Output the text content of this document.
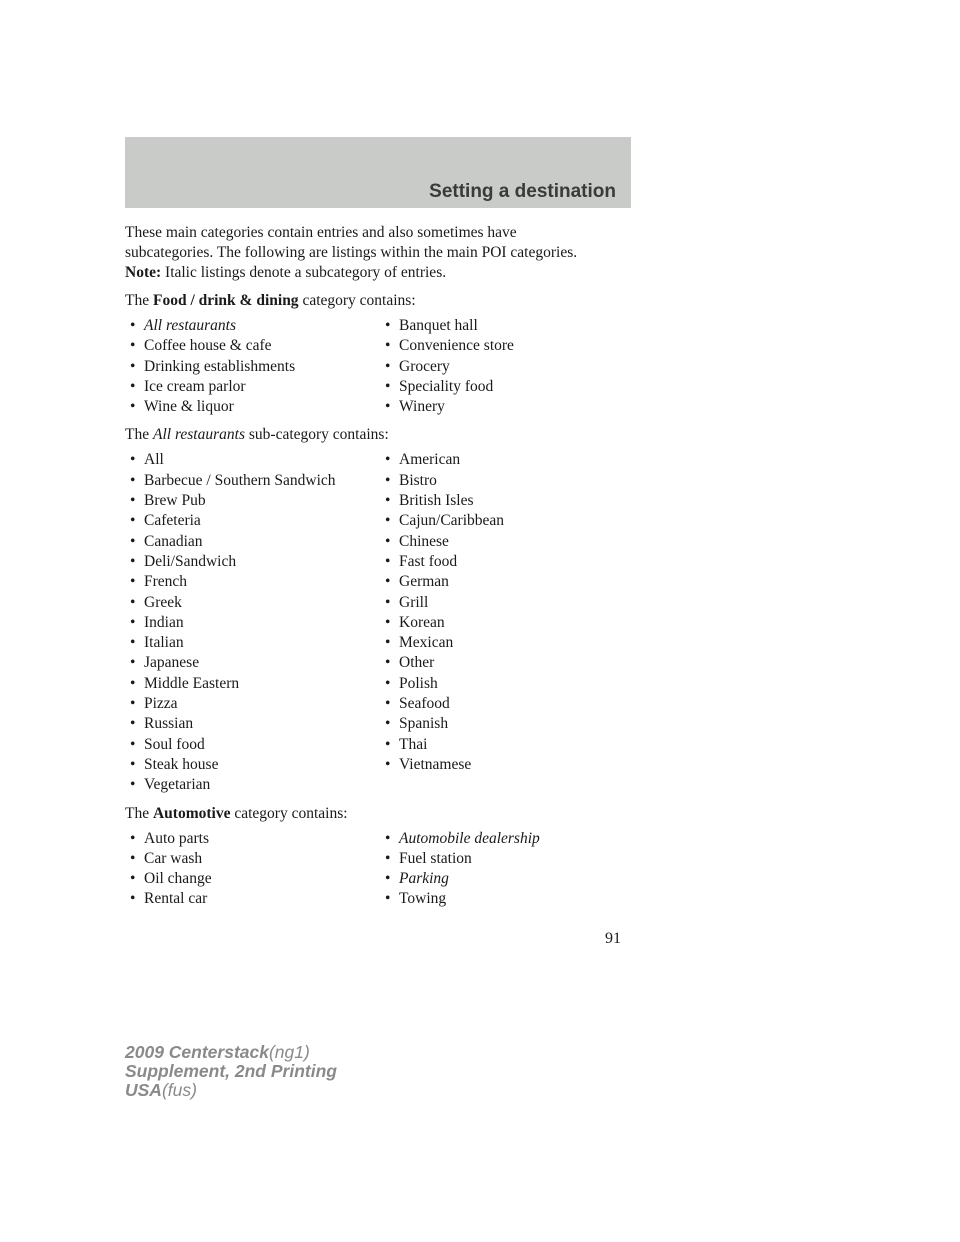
Setting a destination

These main categories contain entries and also sometimes have

subcategories. The following are listings within the main POI categories.

Note: Italic listings denote a subcategory of entries.

The Food / drink & dining category contains:

• All restaurants	• Banquet hall
• Coffee house & cafe	• Convenience store
• Drinking establishments	• Grocery
• Ice cream parlor	• Speciality food
• Wine & liquor	• Winery

The All restaurants sub-category contains:

• All	• American
• Barbecue / Southern Sandwich	• Bistro
• Brew Pub	• British Isles
• Cafeteria	• Cajun/Caribbean
• Canadian	• Chinese
• Deli/Sandwich	• Fast food
• French	• German
• Greek	• Grill
• Indian	• Korean
• Italian	• Mexican
• Japanese	• Other
• Middle Eastern	• Polish
• Pizza	• Seafood
• Russian	• Spanish
• Soul food	• Thai
• Steak house	• Vietnamese
• Vegetarian

The Automotive category contains:

• Auto parts	• Automobile dealership
• Car wash	• Fuel station
• Oil change	• Parking
• Rental car	• Towing
91
2009 Centerstack(ng1)
Supplement, 2nd Printing
USA(fus)
